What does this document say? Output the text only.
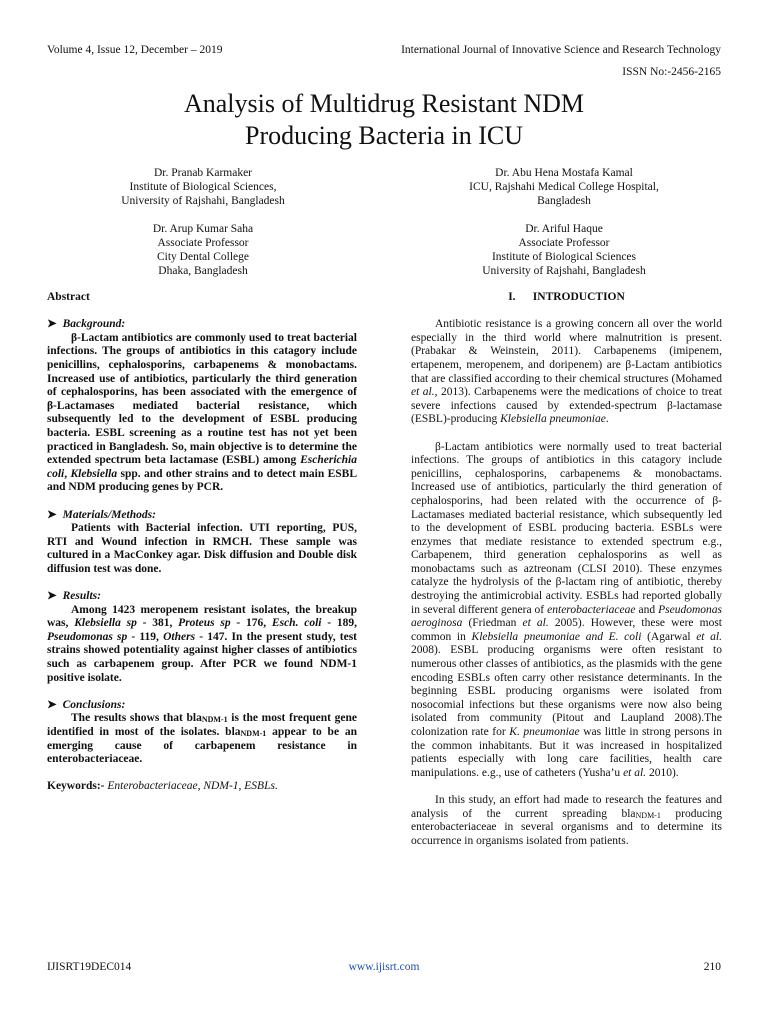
Volume 4, Issue 12, December – 2019	International Journal of Innovative Science and Research Technology
ISSN No:-2456-2165
Analysis of Multidrug Resistant NDM
Producing Bacteria in ICU
Dr. Pranab Karmaker
Institute of Biological Sciences,
University of Rajshahi, Bangladesh
Dr. Abu Hena Mostafa Kamal
ICU, Rajshahi Medical College Hospital,
Bangladesh
Dr. Arup Kumar Saha
Associate Professor
City Dental College
Dhaka, Bangladesh
Dr. Ariful Haque
Associate Professor
Institute of Biological Sciences
University of Rajshahi, Bangladesh

Abstract

➤ Background:

β-Lactam antibiotics are commonly used to treat bacterial infections. The groups of antibiotics in this catagory include penicillins, cephalosporins, carbapenems & monobactams. Increased use of antibiotics, particularly the third generation of cephalosporins, has been associated with the emergence of β-Lactamases mediated bacterial resistance, which subsequently led to the development of ESBL producing bacteria. ESBL screening as a routine test has not yet been practiced in Bangladesh. So, main objective is to determine the extended spectrum beta lactamase (ESBL) among Escherichia coli, Klebsiella spp. and other strains and to detect main ESBL and NDM producing genes by PCR.

➤ Materials/Methods:

Patients with Bacterial infection. UTI reporting, PUS, RTI and Wound infection in RMCH. These sample was cultured in a MacConkey agar. Disk diffusion and Double disk diffusion test was done.

➤ Results:

Among 1423 meropenem resistant isolates, the breakup was, Klebsiella sp - 381, Proteus sp - 176, Esch. coli - 189, Pseudomonas sp - 119, Others - 147. In the present study, test strains showed potentiality against higher classes of antibiotics such as carbapenem group. After PCR we found NDM-1 positive isolate.

➤ Conclusions:

The results shows that bla$_{NDM-1}$ is the most frequent gene identified in most of the isolates. bla$_{NDM-1}$ appear to be an emerging cause of carbapenem resistance in enterobacteriaceae.

Keywords:- Enterobacteriaceae, NDM-1, ESBLs.

I.      INTRODUCTION

Antibiotic resistance is a growing concern all over the world especially in the third world where malnutrition is present. (Prabakar & Weinstein, 2011). Carbapenems (imipenem, ertapenem, meropenem, and doripenem) are β-Lactam antibiotics that are classified according to their chemical structures (Mohamed et al., 2013). Carbapenems were the medications of choice to treat severe infections caused by extended-spectrum β-lactamase (ESBL)-producing Klebsiella pneumoniae.

β-Lactam antibiotics were normally used to treat bacterial infections. The groups of antibiotics in this catagory include penicillins, cephalosporins, carbapenems & monobactams. Increased use of antibiotics, particularly the third generation of cephalosporins, had been related with the occurrence of β-Lactamases mediated bacterial resistance, which subsequently led to the development of ESBL producing bacteria. ESBLs were enzymes that mediate resistance to extended spectrum e.g., Carbapenem, third generation cephalosporins as well as monobactams such as aztreonam (CLSI 2010). These enzymes catalyze the hydrolysis of the β-lactam ring of antibiotic, thereby destroying the antimicrobial activity. ESBLs had reported globally in several different genera of enterobacteriaceae and Pseudomonas aeroginosa (Friedman et al. 2005). However, these were most common in Klebsiella pneumoniae and E. coli (Agarwal et al. 2008). ESBL producing organisms were often resistant to numerous other classes of antibiotics, as the plasmids with the gene encoding ESBLs often carry other resistance determinants. In the beginning ESBL producing organisms were isolated from nosocomial infections but these organisms were now also being isolated from community (Pitout and Laupland 2008).The colonization rate for K. pneumoniae was little in strong persons in the common inhabitants. But it was increased in hospitalized patients especially with long care facilities, health care manipulations. e.g., use of catheters (Yusha’u et al. 2010).

In this study, an effort had made to research the features and analysis of the current spreading bla$_{NDM-1}$ producing enterobacteriaceae in several organisms and to determine its occurrence in organisms isolated from patients.

IJISRT19DEC014	www.ijisrt.com	210
